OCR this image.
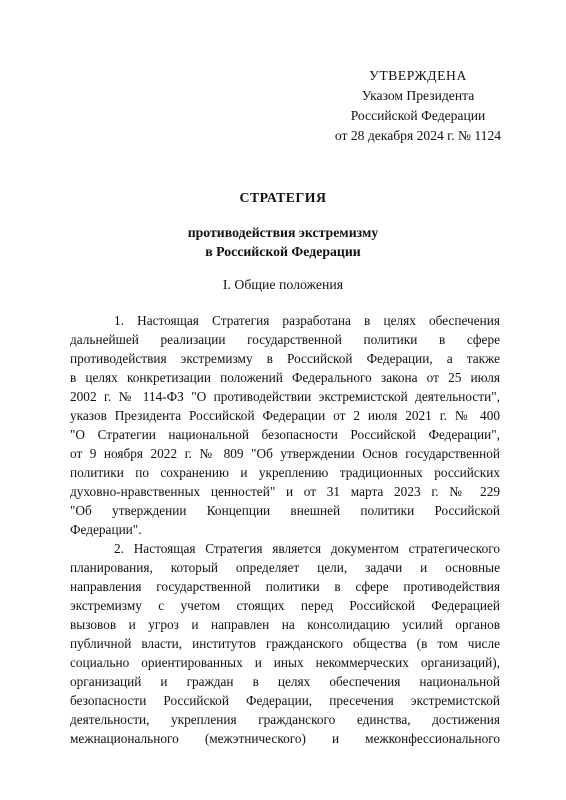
УТВЕРЖДЕНА
Указом Президента
Российской Федерации
от 28 декабря 2024 г. № 1124
СТРАТЕГИЯ
противодействия экстремизму
в Российской Федерации
I. Общие положения
1. Настоящая Стратегия разработана в целях обеспечения
дальнейшей реализации государственной политики в сфере
противодействия экстремизму в Российской Федерации, а также
в целях конкретизации положений Федерального закона от 25 июля
2002 г. № 114-ФЗ "О противодействии экстремистской деятельности",
указов Президента Российской Федерации от 2 июля 2021 г. № 400
"О Стратегии национальной безопасности Российской Федерации",
от 9 ноября 2022 г. № 809 "Об утверждении Основ государственной
политики по сохранению и укреплению традиционных российских
духовно-нравственных ценностей" и от 31 марта 2023 г. № 229
"Об утверждении Концепции внешней политики Российской
Федерации".
2. Настоящая Стратегия является документом стратегического
планирования, который определяет цели, задачи и основные
направления государственной политики в сфере противодействия
экстремизму с учетом стоящих перед Российской Федерацией
вызовов и угроз и направлен на консолидацию усилий органов
публичной власти, институтов гражданского общества (в том числе
социально ориентированных и иных некоммерческих организаций),
организаций и граждан в целях обеспечения национальной
безопасности Российской Федерации, пресечения экстремистской
деятельности, укрепления гражданского единства, достижения
межнационального (межэтнического) и межконфессионального
